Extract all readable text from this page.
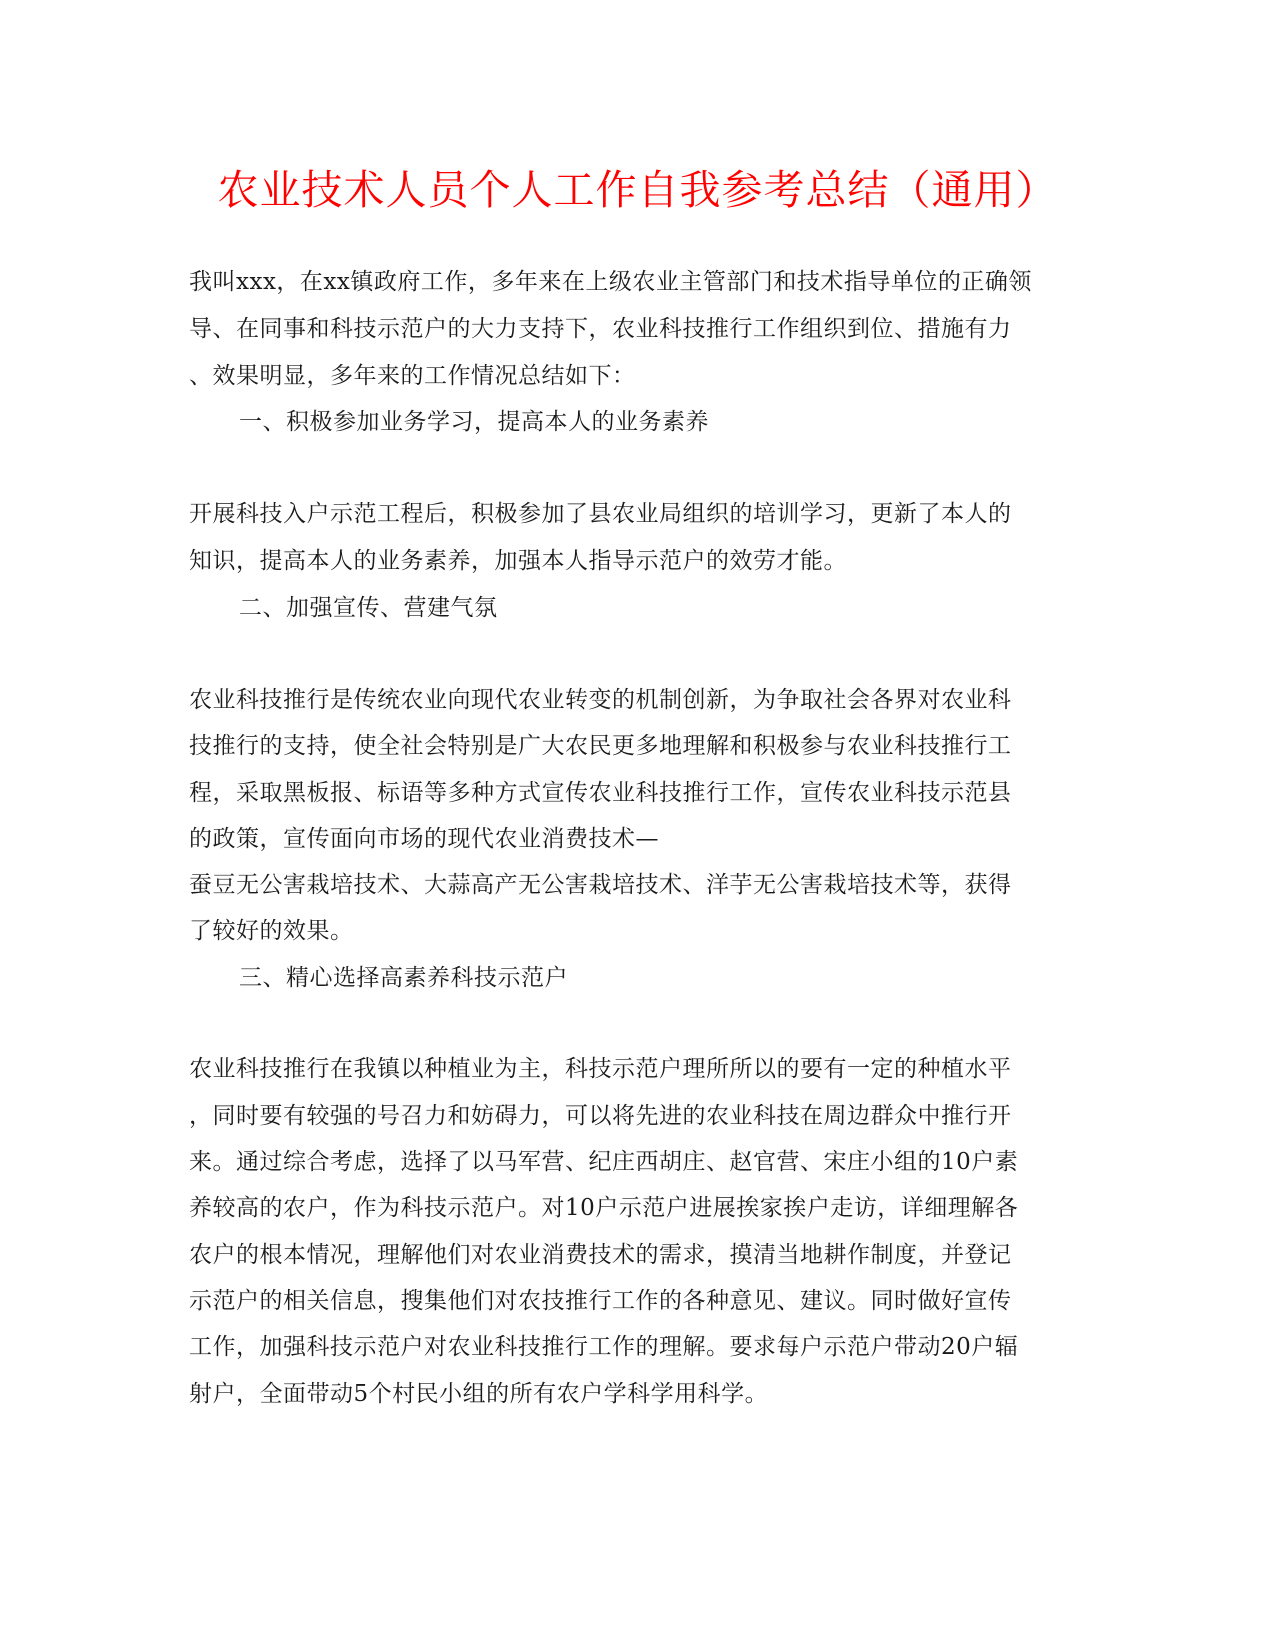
农业技术人员个人工作自我参考总结（通用）
我叫xxx，在xx镇政府工作，多年来在上级农业主管部门和技术指导单位的正确领
导、在同事和科技示范户的大力支持下，农业科技推行工作组织到位、措施有力
、效果明显，多年来的工作情况总结如下：
一、积极参加业务学习，提高本人的业务素养
开展科技入户示范工程后，积极参加了县农业局组织的培训学习，更新了本人的
知识，提高本人的业务素养，加强本人指导示范户的效劳才能。
二、加强宣传、营建气氛
农业科技推行是传统农业向现代农业转变的机制创新，为争取社会各界对农业科
技推行的支持，使全社会特别是广大农民更多地理解和积极参与农业科技推行工
程，采取黑板报、标语等多种方式宣传农业科技推行工作，宣传农业科技示范县
的政策，宣传面向市场的现代农业消费技术—
蚕豆无公害栽培技术、大蒜高产无公害栽培技术、洋芋无公害栽培技术等，获得
了较好的效果。
三、精心选择高素养科技示范户
农业科技推行在我镇以种植业为主，科技示范户理所所以的要有一定的种植水平
，同时要有较强的号召力和妨碍力，可以将先进的农业科技在周边群众中推行开
来。通过综合考虑，选择了以马军营、纪庄西胡庄、赵官营、宋庄小组的10户素
养较高的农户，作为科技示范户。对10户示范户进展挨家挨户走访，详细理解各
农户的根本情况，理解他们对农业消费技术的需求，摸清当地耕作制度，并登记
示范户的相关信息，搜集他们对农技推行工作的各种意见、建议。同时做好宣传
工作，加强科技示范户对农业科技推行工作的理解。要求每户示范户带动20户辐
射户，全面带动5个村民小组的所有农户学科学用科学。
